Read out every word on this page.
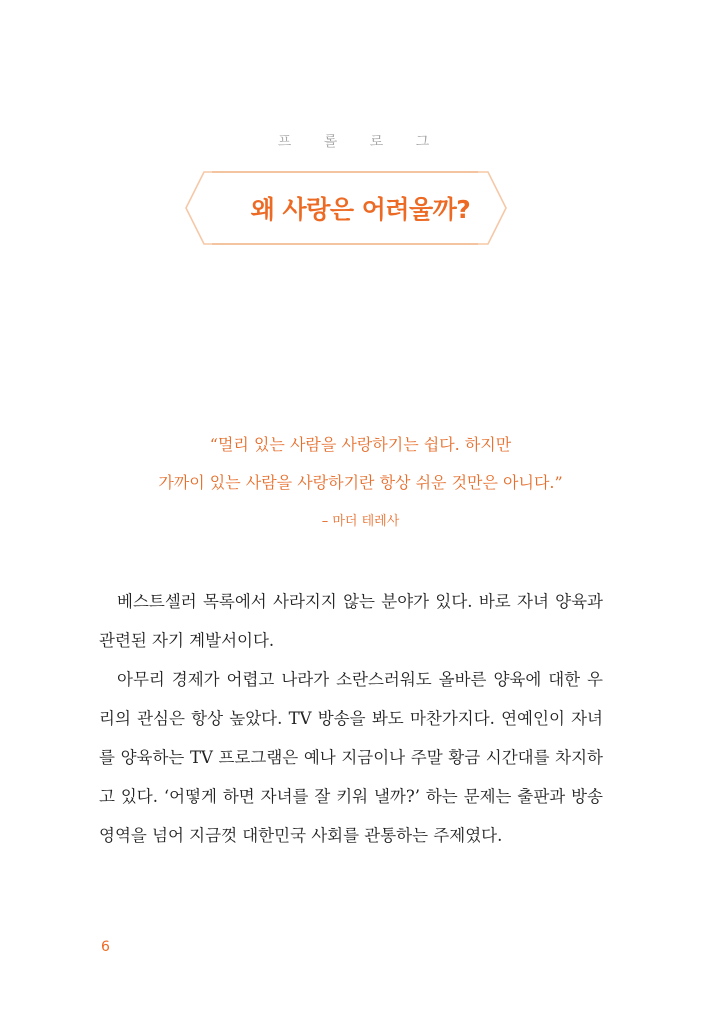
프 롤 로 그
왜 사랑은 어려울까?
“멀리 있는 사람을 사랑하기는 쉽다. 하지만
가까이 있는 사람을 사랑하기란 항상 쉬운 것만은 아니다.”
– 마더 테레사

베스트셀러 목록에서 사라지지 않는 분야가 있다. 바로 자녀 양육과 관련된 자기 계발서이다.

아무리 경제가 어렵고 나라가 소란스러워도 올바른 양육에 대한 우리의 관심은 항상 높았다. TV 방송을 봐도 마찬가지다. 연예인이 자녀를 양육하는 TV 프로그램은 예나 지금이나 주말 황금 시간대를 차지하고 있다. ‘어떻게 하면 자녀를 잘 키워 낼까?’ 하는 문제는 출판과 방송 영역을 넘어 지금껏 대한민국 사회를 관통하는 주제였다.

6
